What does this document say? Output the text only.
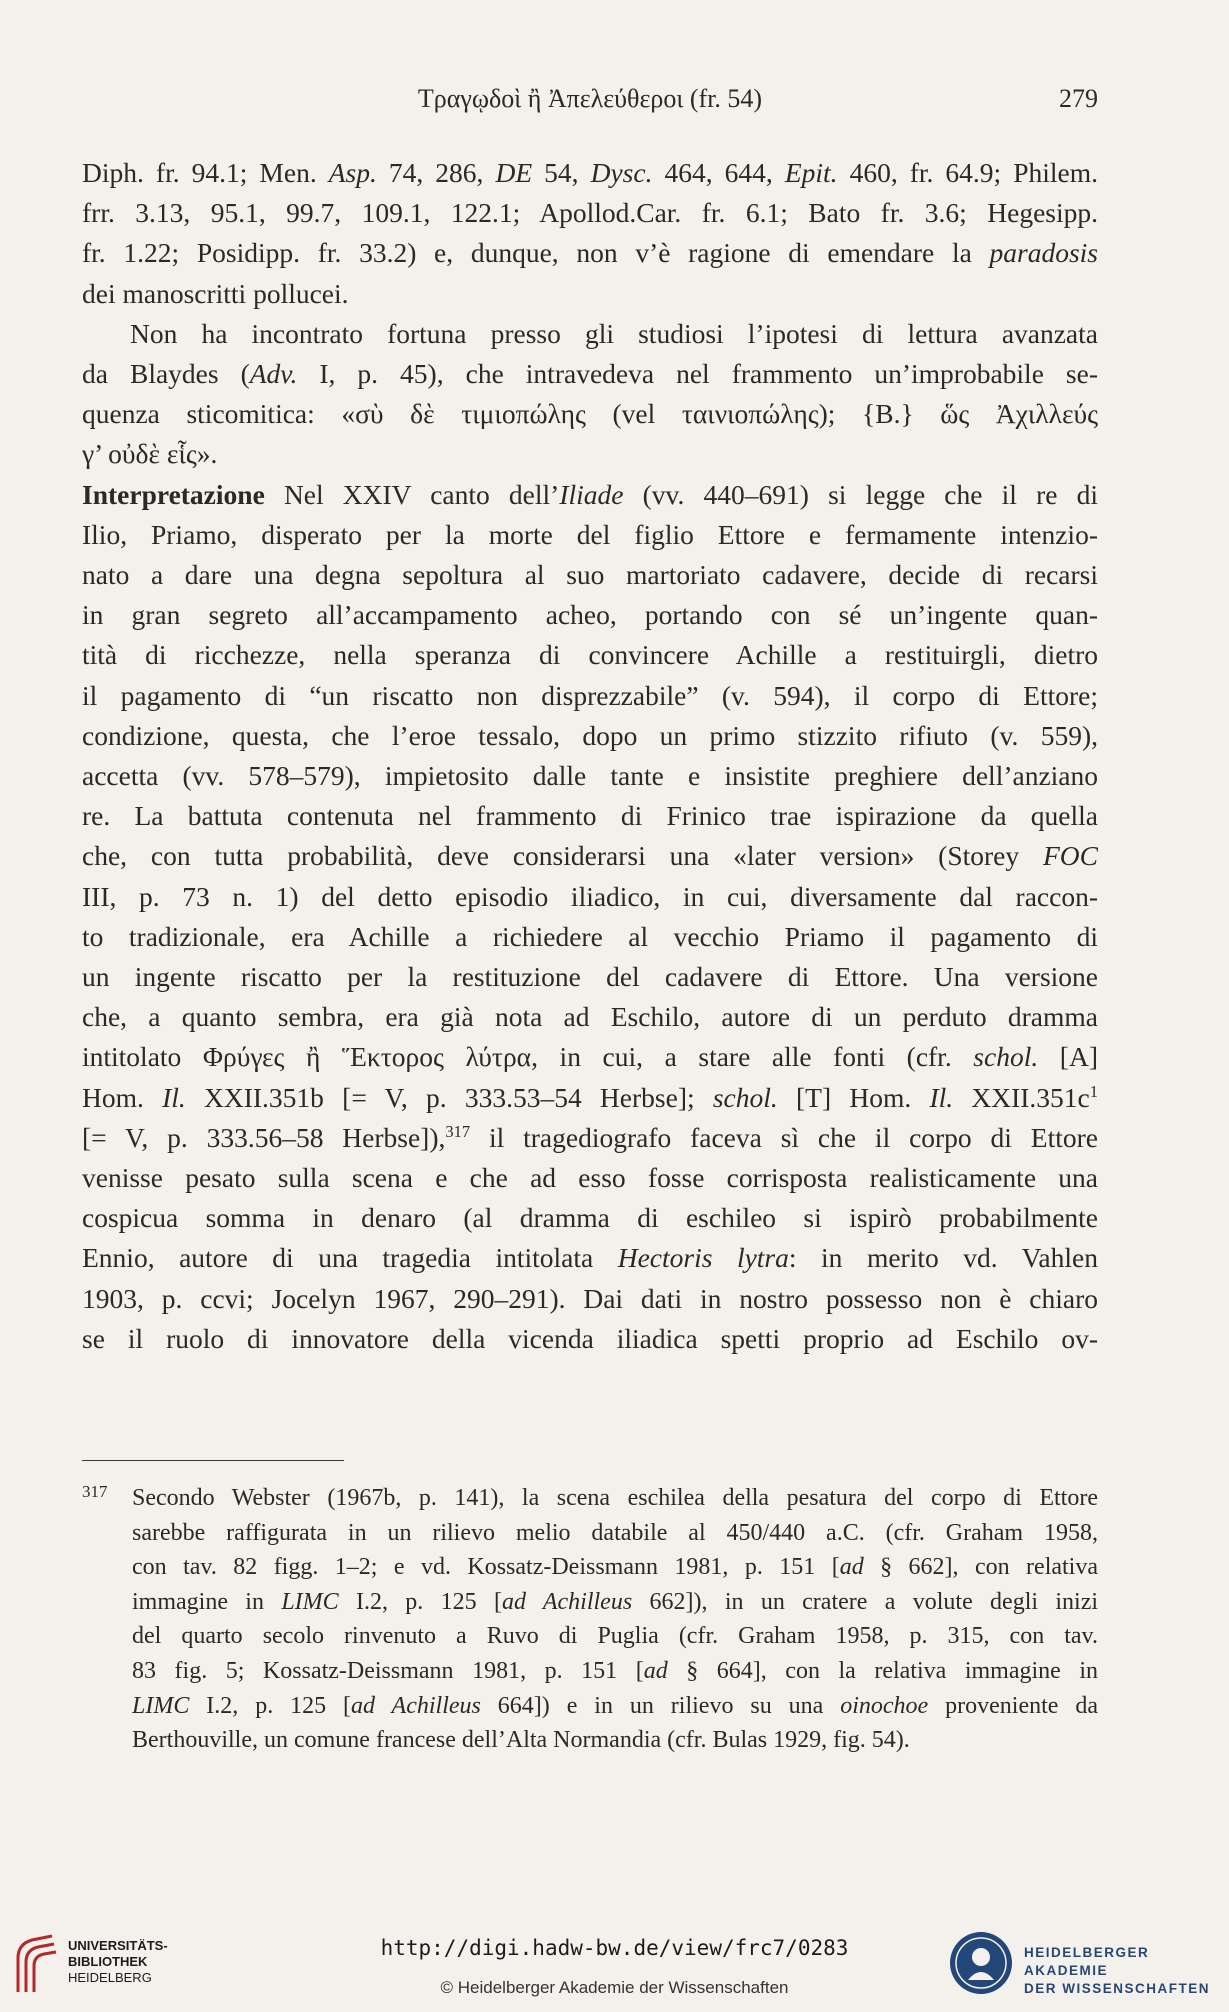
Τραγῳδοὶ ἢ Ἀπελεύθεροι (fr. 54)	279
Diph. fr. 94.1; Men. Asp. 74, 286, DE 54, Dysc. 464, 644, Epit. 460, fr. 64.9; Philem.
frr. 3.13, 95.1, 99.7, 109.1, 122.1; Apollod.Car. fr. 6.1; Bato fr. 3.6; Hegesipp.
fr. 1.22; Posidipp. fr. 33.2) e, dunque, non v’è ragione di emendare la paradosis
dei manoscritti pollucei.
Non ha incontrato fortuna presso gli studiosi l’ipotesi di lettura avanzata
da Blaydes (Adv. I, p. 45), che intravedeva nel frammento un’improbabile se-
quenza sticomitica: «σὺ δὲ τιμιοπώλης (vel ταινιοπώλης); {B.} ὥς Ἀχιλλεύς
γ’ οὐδὲ εἷς».
Interpretazione Nel XXIV canto dell’Iliade (vv. 440–691) si legge che il re di
Ilio, Priamo, disperato per la morte del figlio Ettore e fermamente intenzio-
nato a dare una degna sepoltura al suo martoriato cadavere, decide di recarsi
in gran segreto all’accampamento acheo, portando con sé un’ingente quan-
tità di ricchezze, nella speranza di convincere Achille a restituirgli, dietro
il pagamento di “un riscatto non disprezzabile” (v. 594), il corpo di Ettore;
condizione, questa, che l’eroe tessalo, dopo un primo stizzito rifiuto (v. 559),
accetta (vv. 578–579), impietosito dalle tante e insistite preghiere dell’anziano
re. La battuta contenuta nel frammento di Frinico trae ispirazione da quella
che, con tutta probabilità, deve considerarsi una «later version» (Storey FOC
III, p. 73 n. 1) del detto episodio iliadico, in cui, diversamente dal raccon-
to tradizionale, era Achille a richiedere al vecchio Priamo il pagamento di
un ingente riscatto per la restituzione del cadavere di Ettore. Una versione
che, a quanto sembra, era già nota ad Eschilo, autore di un perduto dramma
intitolato Φρύγες ἢ Ἕκτορος λύτρα, in cui, a stare alle fonti (cfr. schol. [A]
Hom. Il. XXII.351b [= V, p. 333.53–54 Herbse]; schol. [T] Hom. Il. $XXII.351c^1$
[= V, p. 333.56–58 Herbse]),$^{317}$ il tragediografo faceva sì che il corpo di Ettore
venisse pesato sulla scena e che ad esso fosse corrisposta realisticamente una
cospicua somma in denaro (al dramma di eschileo si ispirò probabilmente
Ennio, autore di una tragedia intitolata Hectoris lytra: in merito vd. Vahlen
1903, p. ccvi; Jocelyn 1967, 290–291). Dai dati in nostro possesso non è chiaro
se il ruolo di innovatore della vicenda iliadica spetti proprio ad Eschilo ov-
317 Secondo Webster (1967b, p. 141), la scena eschilea della pesatura del corpo di Ettore
sarebbe raffigurata in un rilievo melio databile al 450/440 a.C. (cfr. Graham 1958,
con tav. 82 figg. 1–2; e vd. Kossatz-Deissmann 1981, p. 151 [ad § 662], con relativa
immagine in LIMC I.2, p. 125 [ad Achilleus 662]), in un cratere a volute degli inizi
del quarto secolo rinvenuto a Ruvo di Puglia (cfr. Graham 1958, p. 315, con tav.
83 fig. 5; Kossatz-Deissmann 1981, p. 151 [ad § 664], con la relativa immagine in
LIMC I.2, p. 125 [ad Achilleus 664]) e in un rilievo su una oinochoe proveniente da
Berthouville, un comune francese dell’Alta Normandia (cfr. Bulas 1929, fig. 54).
UNIVERSITÄTS-
BIBLIOTHEK
HEIDELBERG
http://digi.hadw-bw.de/view/frc7/0283
© Heidelberger Akademie der Wissenschaften
HEIDELBERGER AKADEMIE
DER WISSENSCHAFTEN
